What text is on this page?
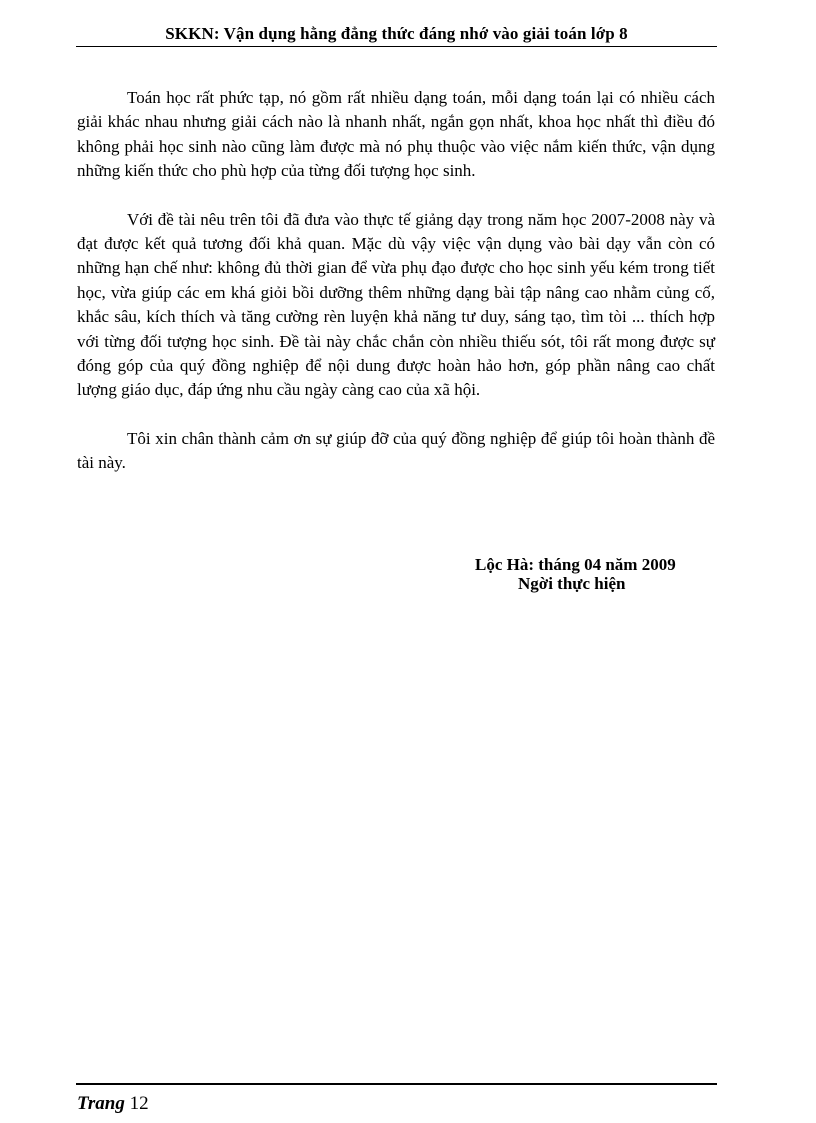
SKKN: Vận dụng hằng đẳng thức đáng nhớ vào giải toán lớp 8

Toán học rất phức tạp, nó gồm rất nhiều dạng toán, mỗi dạng toán lại có nhiều cách giải khác nhau nhưng giải cách nào là nhanh nhất, ngắn gọn nhất, khoa học nhất thì điều đó không phải học sinh nào cũng làm được mà nó phụ thuộc vào việc nắm kiến thức, vận dụng những kiến thức cho phù hợp của từng đối tượng học sinh.

Với đề tài nêu trên tôi đã đưa vào thực tế giảng dạy trong năm học 2007-2008 này và đạt được kết quả tương đối khả quan. Mặc dù vậy việc vận dụng vào bài dạy vẫn còn có những hạn chế như: không đủ thời gian để vừa phụ đạo được cho học sinh yếu kém trong tiết học, vừa giúp các em khá giỏi bồi dưỡng thêm những dạng bài tập nâng cao nhằm củng cố, khắc sâu, kích thích và tăng cường rèn luyện khả năng tư duy, sáng tạo, tìm tòi ... thích hợp với từng đối tượng học sinh. Đề tài này chắc chắn còn nhiều thiếu sót, tôi rất mong được sự đóng góp của quý đồng nghiệp để nội dung được hoàn hảo hơn, góp phần nâng cao chất lượng giáo dục, đáp ứng nhu cầu ngày càng cao của xã hội.

Tôi xin chân thành cảm ơn sự giúp đỡ của quý đồng nghiệp để giúp tôi hoàn thành đề tài này.

Lộc Hà: tháng 04 năm 2009
Ngời thực hiện
Trang 12
